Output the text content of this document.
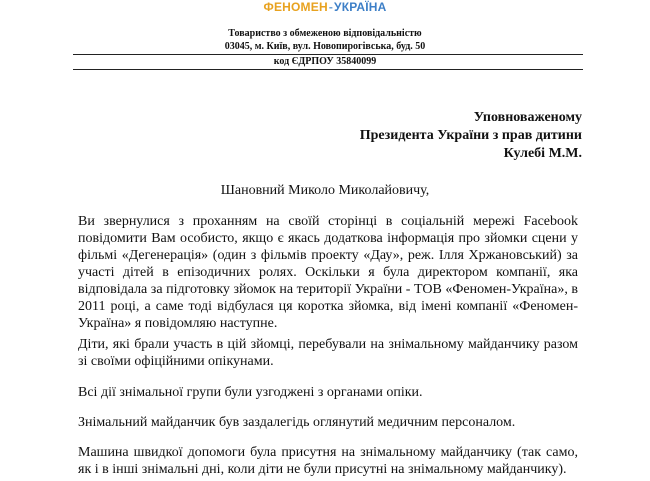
ФЕНОМЕН-УКРАЇНА
Товариство з обмеженою відповідальністю
03045, м. Київ, вул. Новопирогівська, буд. 50
код ЄДРПОУ 35840099
Уповноваженому
Президента України з прав дитини
Кулебі М.М.
Шановний Миколо Миколайовичу,
Ви звернулися з проханням на своїй сторінці в соціальній мережі Facebook повідомити Вам особисто, якщо є якась додаткова інформація про зйомки сцени у фільмі «Дегенерація» (один з фільмів проекту «Дау», реж. Ілля Хржановський) за участі дітей в епізодичних ролях. Оскільки я була директором компанії, яка відповідала за підготовку зйомок на території України - ТОВ «Феномен-Україна», в 2011 році, а саме тоді відбулася ця коротка зйомка, від імені компанії «Феномен-Україна» я повідомляю наступне.
Діти, які брали участь в цій зйомці, перебували на знімальному майданчику разом зі своїми офіційними опікунами.
Всі дії знімальної групи були узгоджені з органами опіки.
Знімальний майданчик був заздалегідь оглянутий медичним персоналом.
Машина швидкої допомоги була присутня на знімальному майданчику (так само, як і в інші знімальні дні, коли діти не були присутні на знімальному майданчику).
